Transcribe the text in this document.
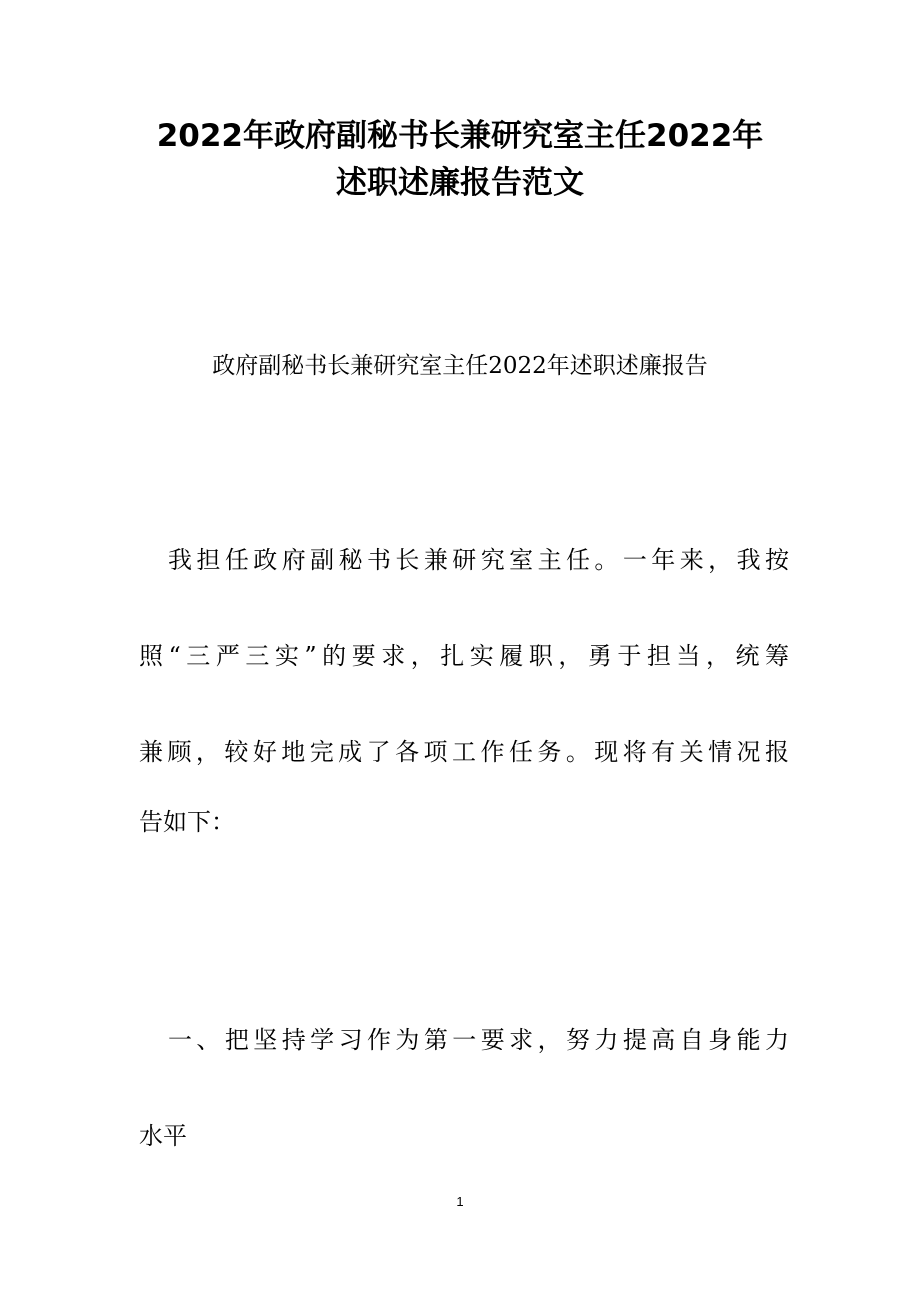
2022年政府副秘书长兼研究室主任2022年
述职述廉报告范文
政府副秘书长兼研究室主任2022年述职述廉报告
我担任政府副秘书长兼研究室主任。一年来，我按
照“三严三实”的要求，扎实履职，勇于担当，统筹
兼顾，较好地完成了各项工作任务。现将有关情况报
告如下：
一、把坚持学习作为第一要求，努力提高自身能力
水平
1
